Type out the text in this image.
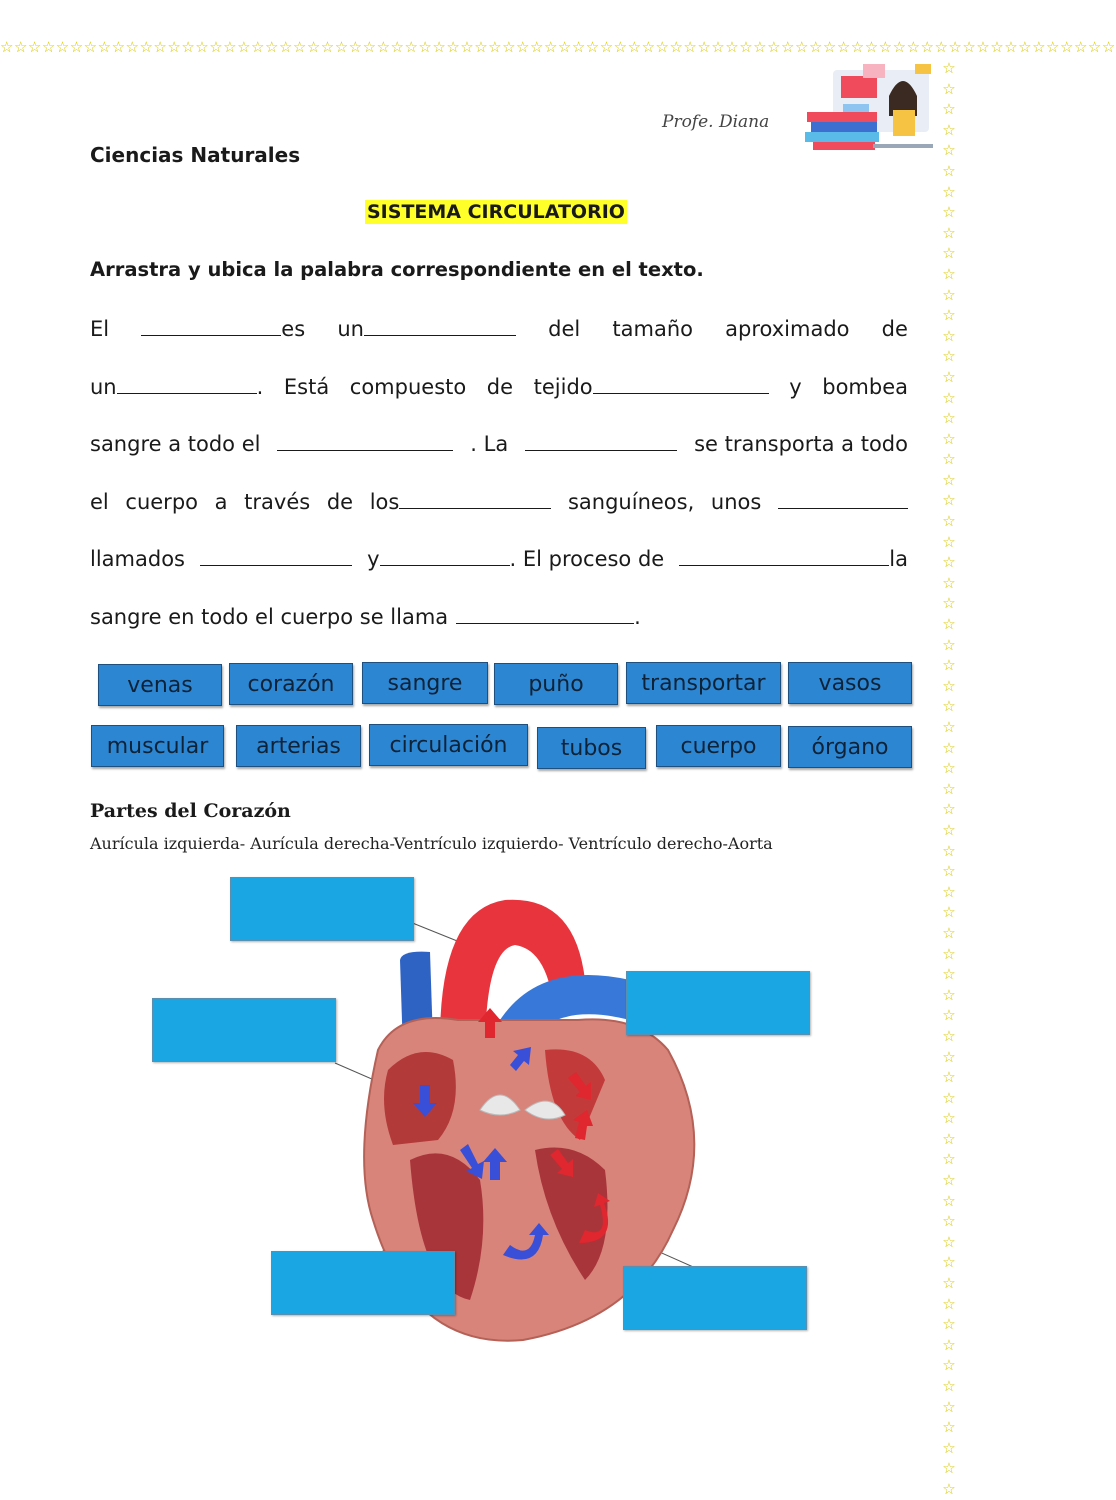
☆☆☆☆☆☆☆☆☆☆☆☆☆☆☆☆☆☆☆☆☆☆☆☆☆☆☆☆☆☆☆☆☆☆☆☆☆☆☆☆☆☆☆☆☆☆☆☆☆☆☆☆☆☆☆☆☆☆☆☆☆☆☆☆☆☆☆☆☆☆☆☆☆☆☆☆☆☆☆☆
☆
☆
☆
☆
☆
☆
☆
☆
☆
☆
☆
☆
☆
☆
☆
☆
☆
☆
☆
☆
☆
☆
☆
☆
☆
☆
☆
☆
☆
☆
☆
☆
☆
☆
☆
☆
☆
☆
☆
☆
☆
☆
☆
☆
☆
☆
☆
☆
☆
☆
☆
☆
☆
☆
☆
☆
☆
☆
☆
☆
☆
☆
☆
☆
☆
☆
☆
☆
☆
☆
Profe. Diana
Ciencias Naturales
SISTEMA CIRCULATORIO
Arrastra y ubica la palabra correspondiente en el texto.
El	es un	del tamaño aproximado de
un	. Está compuesto de tejido	y bombea
sangre a todo el	. La	se transporta a todo
el cuerpo a través de los	sanguíneos, unos
llamados	y	. El proceso de	la
sangre en todo el cuerpo se llama	.
venas	corazón	sangre	puño	transportar	vasos
muscular	arterias	circulación	tubos	cuerpo	órgano
Partes del Corazón
Aurícula izquierda- Aurícula derecha-Ventrículo izquierdo- Ventrículo derecho-Aorta
